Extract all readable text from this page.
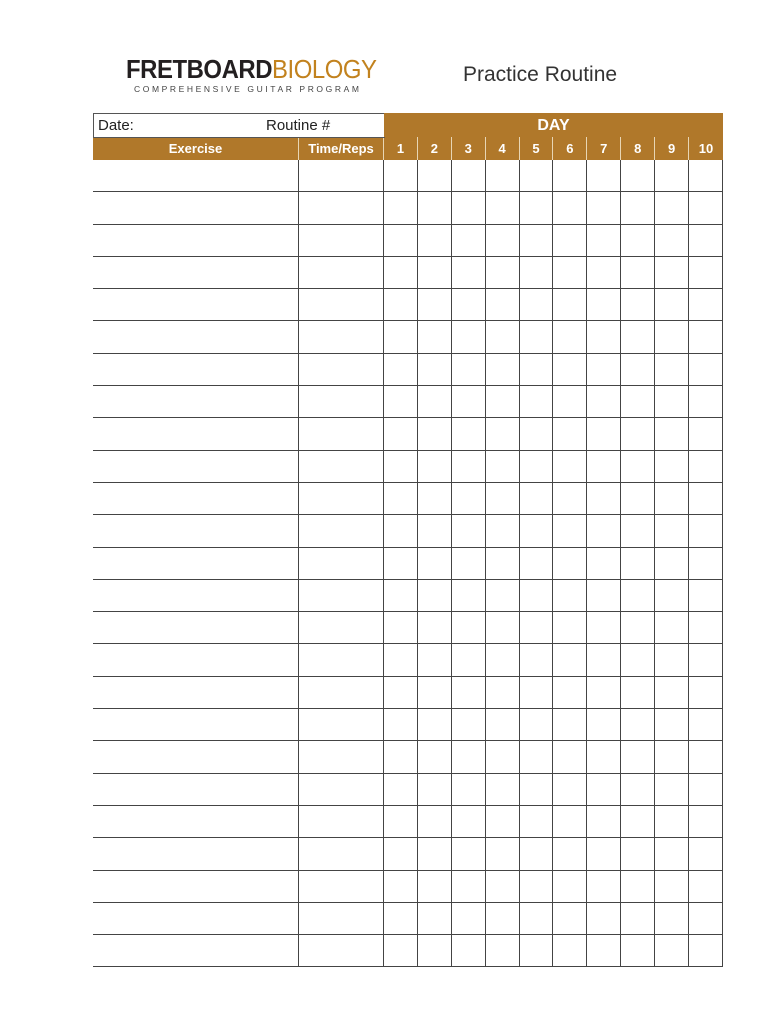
FRETBOARDBIOLOGY
COMPREHENSIVE GUITAR PROGRAM
Practice Routine
Date:	Routine #	DAY
Exercise	Time/Reps	1	2	3	4	5	6	7	8	9	10
